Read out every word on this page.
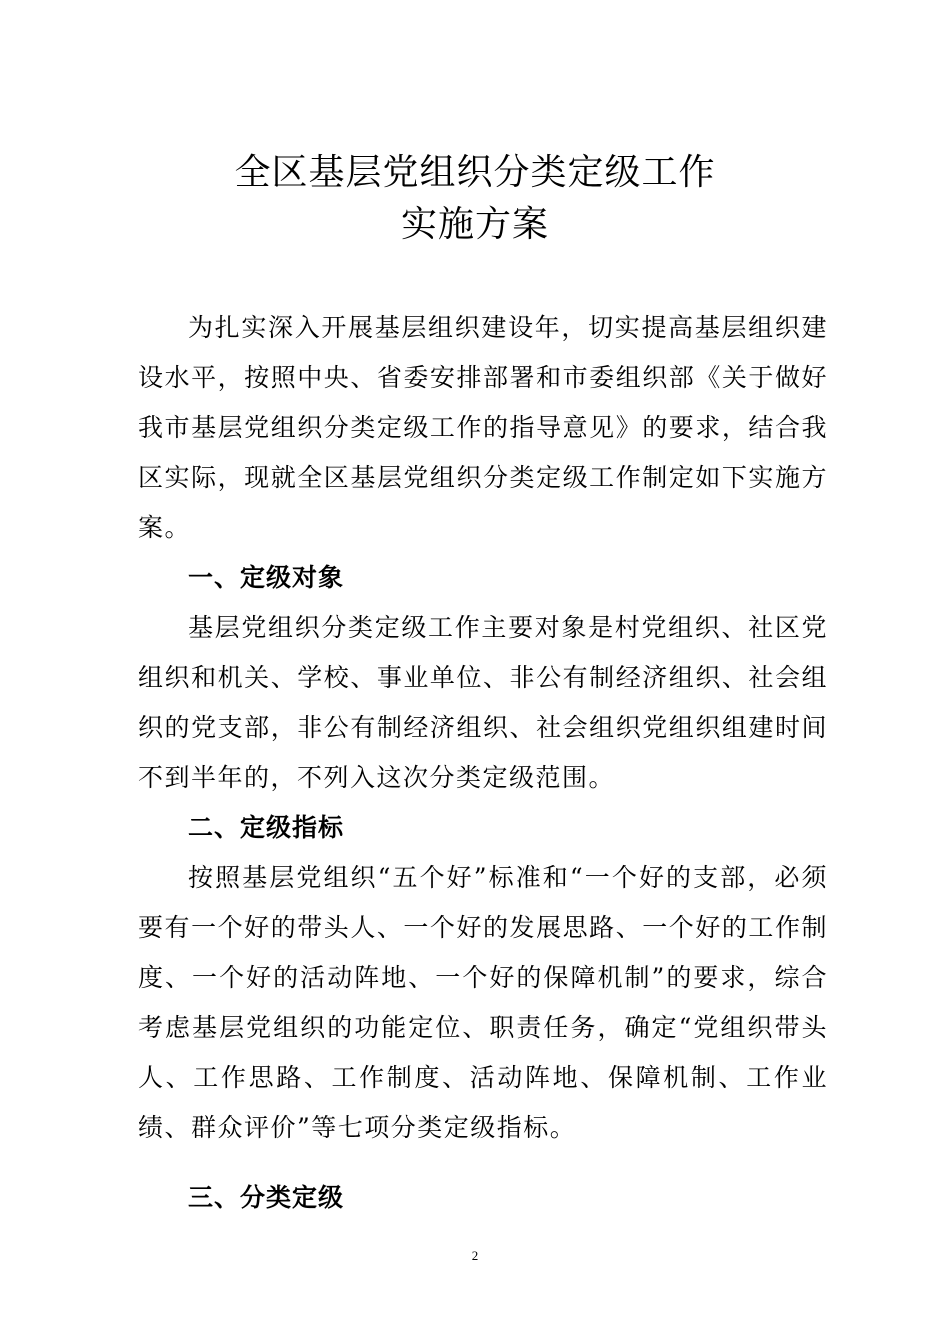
全区基层党组织分类定级工作
实施方案

为扎实深入开展基层组织建设年，切实提高基层组织建设水平，按照中央、省委安排部署和市委组织部《关于做好我市基层党组织分类定级工作的指导意见》的要求，结合我区实际，现就全区基层党组织分类定级工作制定如下实施方案。

一、定级对象

基层党组织分类定级工作主要对象是村党组织、社区党组织和机关、学校、事业单位、非公有制经济组织、社会组织的党支部，非公有制经济组织、社会组织党组织组建时间不到半年的，不列入这次分类定级范围。

二、定级指标

按照基层党组织“五个好”标准和“一个好的支部，必须要有一个好的带头人、一个好的发展思路、一个好的工作制度、一个好的活动阵地、一个好的保障机制”的要求，综合考虑基层党组织的功能定位、职责任务，确定“党组织带头人、工作思路、工作制度、活动阵地、保障机制、工作业绩、群众评价”等七项分类定级指标。

三、分类定级

2
